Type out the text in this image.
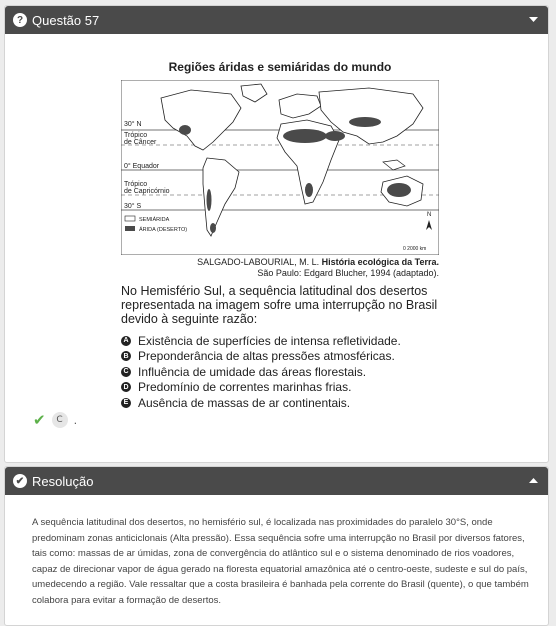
? Questão 57
Regiões áridas e semiáridas do mundo
30° N
Trópico
de Câncer
0° Equador
Trópico
de Capricórnio
30° S
SEMIÁRIDA
ÁRIDA (DESERTO)
0 2000 km
N
SALGADO-LABOURIAL, M. L. História ecológica da Terra.
São Paulo: Edgard Blucher, 1994 (adaptado).
No Hemisfério Sul, a sequência latitudinal dos desertos representada na imagem sofre uma interrupção no Brasil devido à seguinte razão:
A Existência de superfícies de intensa refletividade.
B Preponderância de altas pressões atmosféricas.
C Influência de umidade das áreas florestais.
D Predomínio de correntes marinhas frias.
E Ausência de massas de ar continentais.
✔	C .
✔ Resolução
A sequência latitudinal dos desertos, no hemisfério sul, é localizada nas proximidades do paralelo 30°S, onde predominam zonas anticiclonais (Alta pressão). Essa sequência sofre uma interrupção no Brasil por diversos fatores, tais como: massas de ar úmidas, zona de convergência do atlântico sul e o sistema denominado de rios voadores, capaz de direcionar vapor de água gerado na floresta equatorial amazônica até o centro-oeste, sudeste e sul do país, umedecendo a região. Vale ressaltar que a costa brasileira é banhada pela corrente do Brasil (quente), o que também colabora para evitar a formação de desertos.
